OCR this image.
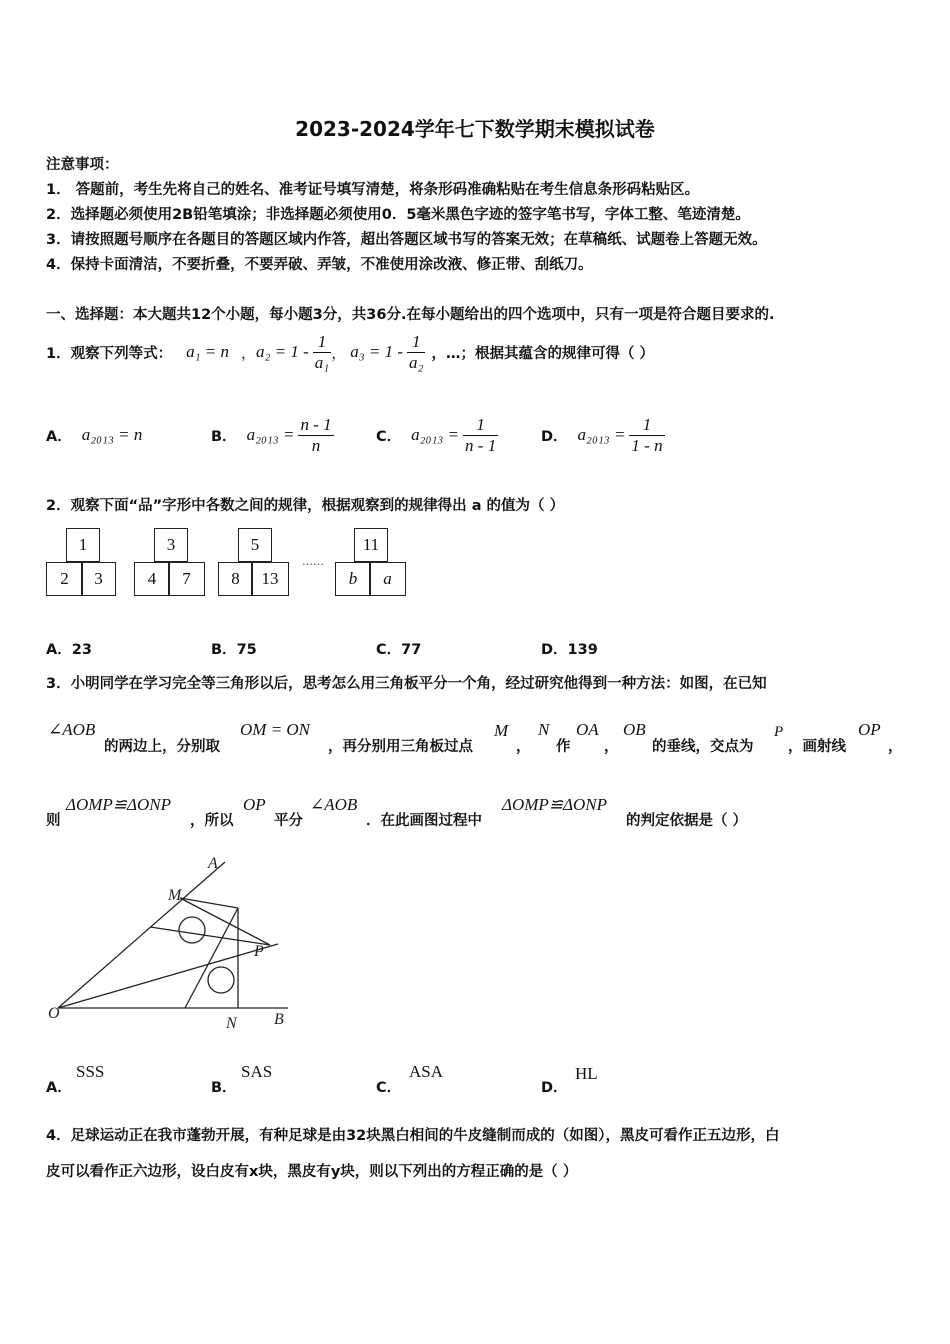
2023-2024学年七下数学期末模拟试卷
注意事项：
1． 答题前，考生先将自己的姓名、准考证号填写清楚，将条形码准确粘贴在考生信息条形码粘贴区。
2．选择题必须使用2B铅笔填涂；非选择题必须使用0．5毫米黑色字迹的签字笔书写，字体工整、笔迹清楚。
3．请按照题号顺序在各题目的答题区域内作答，超出答题区域书写的答案无效；在草稿纸、试题卷上答题无效。
4．保持卡面清洁，不要折叠，不要弄破、弄皱，不准使用涂改液、修正带、刮纸刀。
一、选择题：本大题共12个小题，每小题3分，共36分.在每小题给出的四个选项中，只有一项是符合题目要求的.
1．观察下列等式： a₁ = n ， $a_2 = 1 - \frac{1}{\text{a₁}}$ ， $a_3 = 1 - \frac{1}{\text{a₂}}$ ，…；根据其蕴含的规律可得（ ）
A． a₂₀₁₃ = n	B． $a_{2013} = \frac{n - 1}{n}$	C． $a_{2013} = \frac{1}{n - 1}$	D． $a_{2013} = \frac{1}{1 - n}$
2．观察下面“品”字形中各数之间的规律，根据观察到的规律得出 a 的值为（ ）
1
2	3
3
4	7
5
8	13
……
11
b	a
A．23	B．75	C．77	D．139
3．小明同学在学习完全等三角形以后，思考怎么用三角板平分一个角，经过研究他得到一种方法：如图，在已知
∠AOB
的两边上，分别取
OM = ON
，再分别用三角板过点
M
，
N
作
OA
，
OB
的垂线，交点为
P
，画射线
OP
，
则
ΔOMP≌ΔONP
，所以
OP
平分
∠AOB
．在此画图过程中
ΔOMP≌ΔONP
的判定依据是（ ）
A
M
P
O
N B
A．
SSS
B．
SAS
C．
ASA
D．
HL
4．足球运动正在我市蓬勃开展，有种足球是由32块黑白相间的牛皮缝制而成的（如图），黑皮可看作正五边形，白
皮可以看作正六边形，设白皮有x块，黑皮有y块，则以下列出的方程正确的是（ ）
